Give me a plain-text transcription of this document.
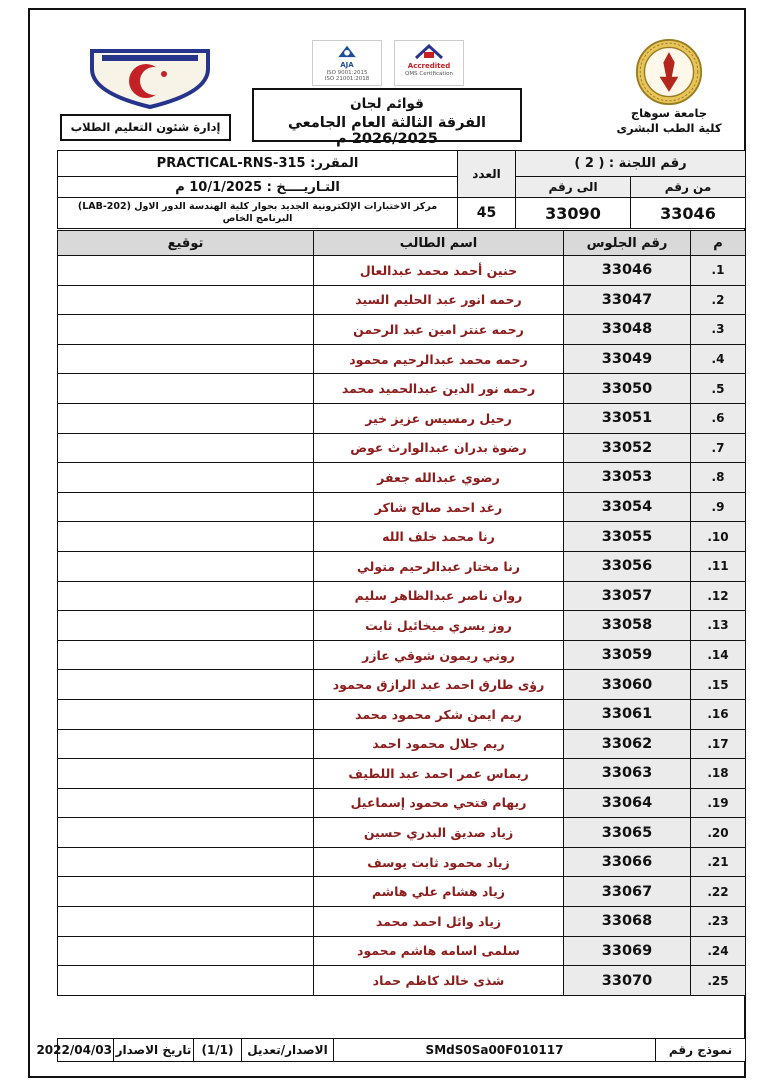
جامعة سوهاج
كلية الطب البشرى
Accredited
QMS Certification
AJA
ISO 9001:2015
ISO 21001:2018
قوائم لجان
الفرقة الثالثة العام الجامعي 2026/2025 م
إدارة شئون التعليم الطلاب
رقم اللجنة : ( 2 )		العدد	المقرر: PRACTICAL-RNS-315
من رقم	الى رقم		التـاريــــخ : 10/1/2025 م
33046	33090	45	مركز الاختبارات الإلكترونية الجديد بجوار كلية الهندسة الدور الاول (LAB-202)
البرنامج الخاص
م	رقم الجلوس	اسم الطالب	توقيع
1.	33046	حنين أحمد محمد عبدالعال	
2.	33047	رحمه انور عبد الحليم السيد	
3.	33048	رحمه عنتر امين عبد الرحمن	
4.	33049	رحمه محمد عبدالرحيم محمود	
5.	33050	رحمه نور الدين عبدالحميد محمد	
6.	33051	رحيل رمسيس عزيز خير	
7.	33052	رضوة بدران عبدالوارث عوض	
8.	33053	رضوي عبدالله جعفر	
9.	33054	رغد احمد صالح شاكر	
10.	33055	رنا محمد خلف الله	
11.	33056	رنا مختار عبدالرحيم متولي	
12.	33057	روان ناصر عبدالظاهر سليم	
13.	33058	روز يسري ميخائيل ثابت	
14.	33059	روني ريمون شوقي عازر	
15.	33060	رؤى طارق احمد عبد الرازق محمود	
16.	33061	ريم ايمن شكر محمود محمد	
17.	33062	ريم جلال محمود احمد	
18.	33063	ريماس عمر احمد عبد اللطيف	
19.	33064	ريهام فتحي محمود إسماعيل	
20.	33065	زياد صديق البدري حسين	
21.	33066	زياد محمود ثابت يوسف	
22.	33067	زياد هشام علي هاشم	
23.	33068	زياد وائل احمد محمد	
24.	33069	سلمى اسامه هاشم محمود	
25.	33070	شذى خالد كاظم حماد	
نموذج رقم	SMdS0Sa00F010117	الاصدار/تعديل	(1/1)	تاريخ الاصدار	2022/04/03
